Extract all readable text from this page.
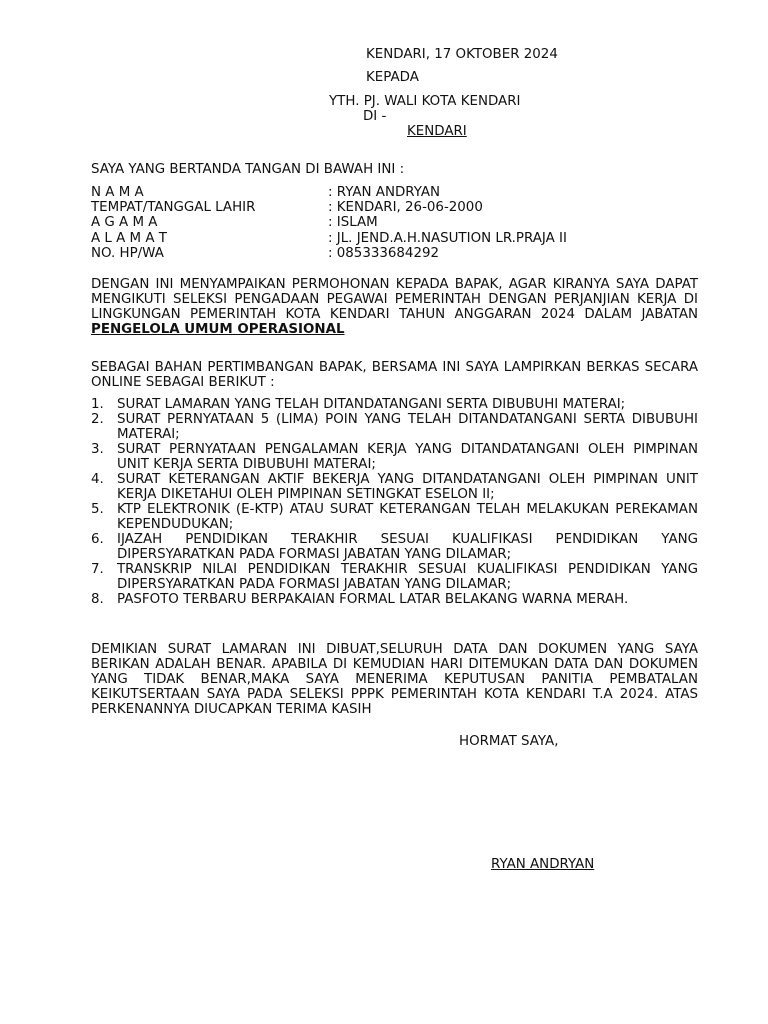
KENDARI, 17 OKTOBER 2024
KEPADA
YTH. PJ. WALI KOTA KENDARI
DI -
KENDARI
SAYA YANG BERTANDA TANGAN DI BAWAH INI :
N A M A	: RYAN ANDRYAN
TEMPAT/TANGGAL LAHIR	: KENDARI, 26-06-2000
A G A M A	: ISLAM
A L A M A T	: JL. JEND.A.H.NASUTION LR.PRAJA II
NO. HP/WA	: 085333684292
DENGAN INI MENYAMPAIKAN PERMOHONAN KEPADA BAPAK, AGAR KIRANYA SAYA DAPAT MENGIKUTI SELEKSI PENGADAAN PEGAWAI PEMERINTAH DENGAN PERJANJIAN KERJA DI LINGKUNGAN PEMERINTAH KOTA KENDARI TAHUN ANGGARAN 2024 DALAM JABATAN PENGELOLA UMUM OPERASIONAL
SEBAGAI BAHAN PERTIMBANGAN BAPAK, BERSAMA INI SAYA LAMPIRKAN BERKAS SECARA ONLINE SEBAGAI BERIKUT :
1. SURAT LAMARAN YANG TELAH DITANDATANGANI SERTA DIBUBUHI MATERAI;
2. SURAT PERNYATAAN 5 (LIMA) POIN YANG TELAH DITANDATANGANI SERTA DIBUBUHI MATERAI;
3. SURAT PERNYATAAN PENGALAMAN KERJA YANG DITANDATANGANI OLEH PIMPINAN UNIT KERJA SERTA DIBUBUHI MATERAI;
4. SURAT KETERANGAN AKTIF BEKERJA YANG DITANDATANGANI OLEH PIMPINAN UNIT KERJA DIKETAHUI OLEH PIMPINAN SETINGKAT ESELON II;
5. KTP ELEKTRONIK (E-KTP) ATAU SURAT KETERANGAN TELAH MELAKUKAN PEREKAMAN KEPENDUDUKAN;
6. IJAZAH PENDIDIKAN TERAKHIR SESUAI KUALIFIKASI PENDIDIKAN YANG DIPERSYARATKAN PADA FORMASI JABATAN YANG DILAMAR;
7. TRANSKRIP NILAI PENDIDIKAN TERAKHIR SESUAI KUALIFIKASI PENDIDIKAN YANG DIPERSYARATKAN PADA FORMASI JABATAN YANG DILAMAR;
8. PASFOTO TERBARU BERPAKAIAN FORMAL LATAR BELAKANG WARNA MERAH.
DEMIKIAN SURAT LAMARAN INI DIBUAT,SELURUH DATA DAN DOKUMEN YANG SAYA BERIKAN ADALAH BENAR. APABILA DI KEMUDIAN HARI DITEMUKAN DATA DAN DOKUMEN YANG TIDAK BENAR,MAKA SAYA MENERIMA KEPUTUSAN PANITIA PEMBATALAN KEIKUTSERTAAN SAYA PADA SELEKSI PPPK PEMERINTAH KOTA KENDARI T.A 2024. ATAS PERKENANNYA DIUCAPKAN TERIMA KASIH
HORMAT SAYA,
RYAN ANDRYAN
